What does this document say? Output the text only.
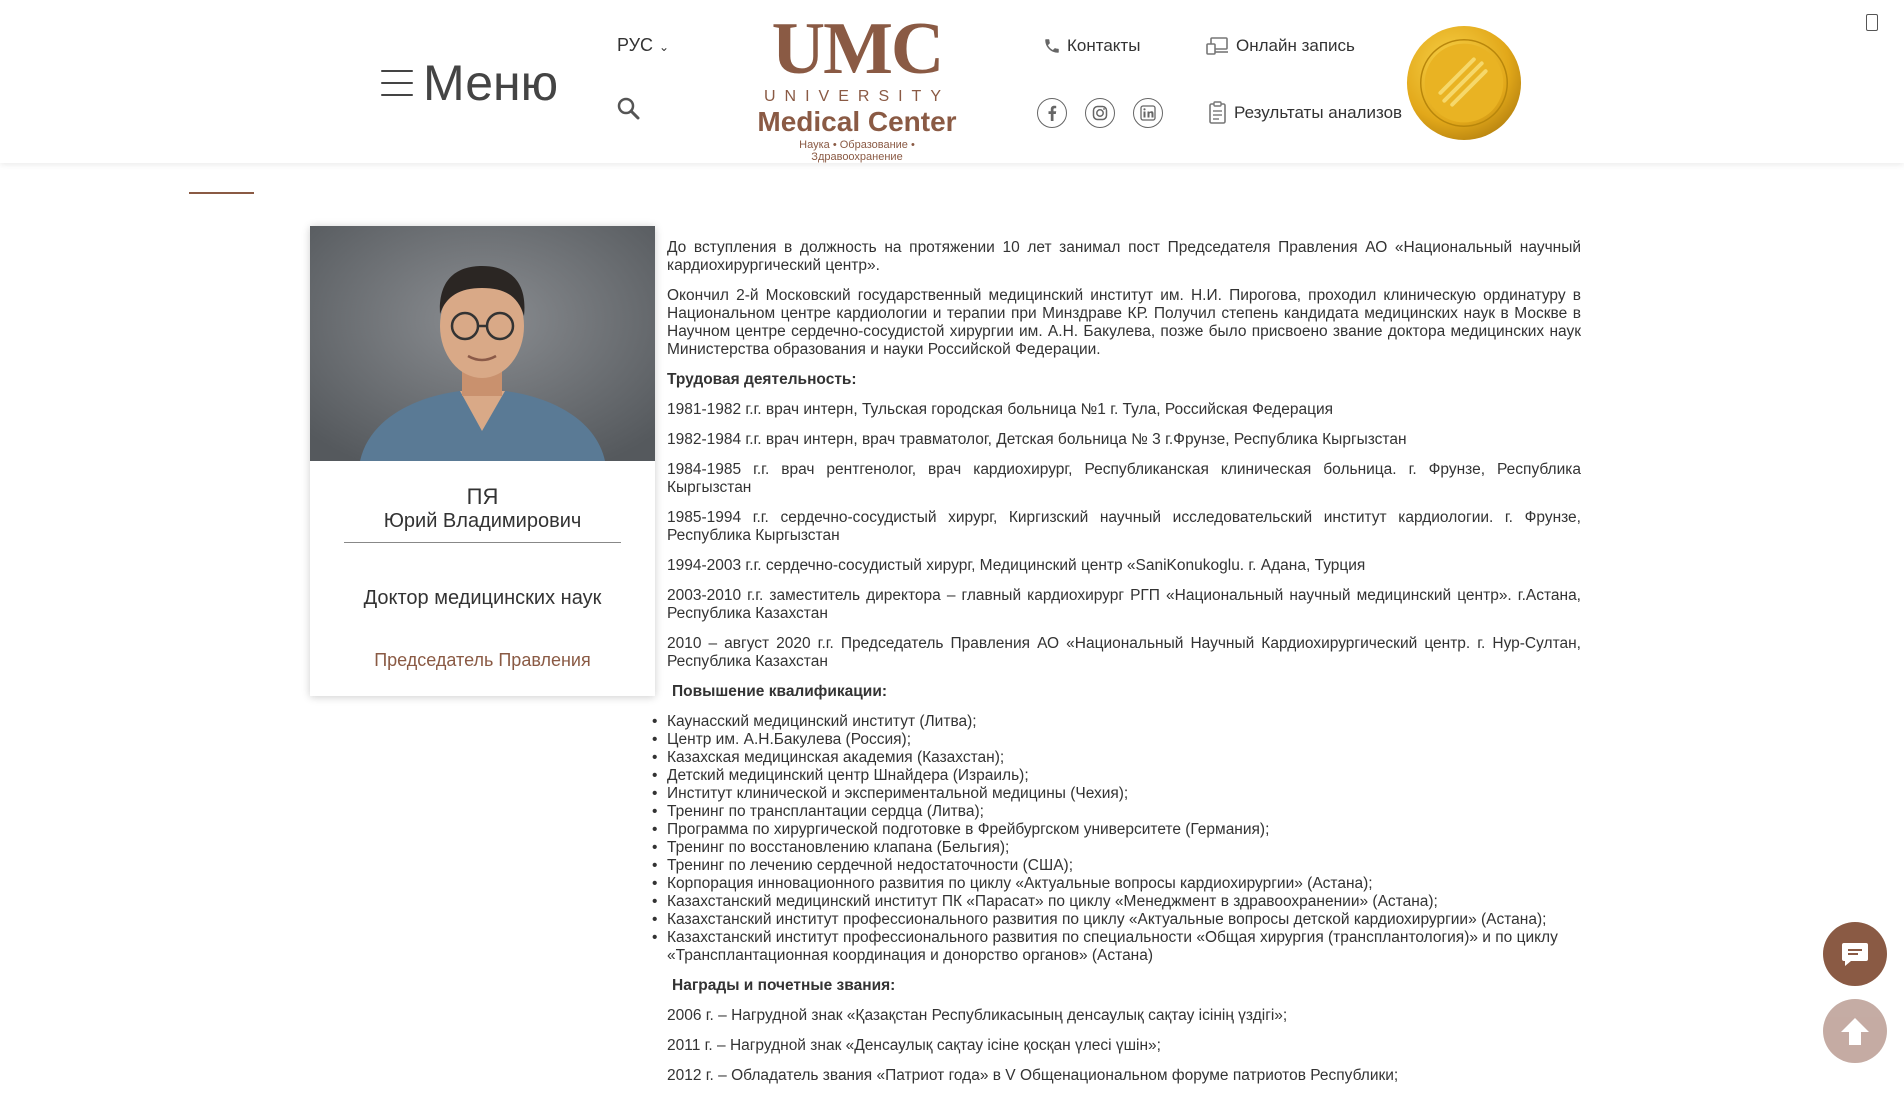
Меню
РУС ⌄ UMC
UNIVERSITY
Medical Center
Наука • Образование • Здравоохранение
Контакты	Онлайн запись
Результаты анализов
ПЯ
Юрий Владимирович
Доктор медицинских наук
Председатель Правления

До вступления в должность на протяжении 10 лет занимал пост Председателя Правления АО «Национальный научный кардиохирургический центр».

Окончил 2-й Московский государственный медицинский институт им. Н.И. Пирогова, проходил клиническую ординатуру в Национальном центре кардиологии и терапии при Минздраве КР. Получил степень кандидата медицинских наук в Москве в Научном центре сердечно-сосудистой хирургии им. А.Н. Бакулева, позже было присвоено звание доктора медицинских наук Министерства образования и науки Российской Федерации.

Трудовая деятельность:

1981-1982 г.г. врач интерн, Тульская городская больница №1 г. Тула, Российская Федерация

1982-1984 г.г. врач интерн, врач травматолог, Детская больница № 3 г.Фрунзе, Республика Кыргызстан

1984-1985 г.г. врач рентгенолог, врач кардиохирург, Республиканская клиническая больница. г. Фрунзе, Республика Кыргызстан

1985-1994 г.г. сердечно-сосудистый хирург, Киргизский научный исследовательский институт кардиологии. г. Фрунзе, Республика Кыргызстан

1994-2003 г.г. сердечно-сосудистый хирург, Медицинский центр «SaniKonukoglu. г. Адана, Турция

2003-2010 г.г. заместитель директора – главный кардиохирург РГП «Национальный научный медицинский центр». г.Астана, Республика Казахстан

2010 – август 2020 г.г. Председатель Правления АО «Национальный Научный Кардиохирургический центр. г. Нур-Султан, Республика Казахстан

Повышение квалификации:

• Каунасский медицинский институт (Литва);
• Центр им. А.Н.Бакулева (Россия);
• Казахская медицинская академия (Казахстан);
• Детский медицинский центр Шнайдера (Израиль);
• Институт клинической и экспериментальной медицины (Чехия);
• Тренинг по трансплантации сердца (Литва);
• Программа по хирургической подготовке в Фрейбургском университете (Германия);
• Тренинг по восстановлению клапана (Бельгия);
• Тренинг по лечению сердечной недостаточности (США);
• Корпорация инновационного развития по циклу «Актуальные вопросы кардиохирургии» (Астана);
• Казахстанский медицинский институт ПК «Парасат» по циклу «Менеджмент в здравоохранении» (Астана);
• Казахстанский институт профессионального развития по циклу «Актуальные вопросы детской кардиохирургии» (Астана);
• Казахстанский институт профессионального развития по специальности «Общая хирургия (трансплантология)» и по циклу «Трансплантационная координация и донорство органов» (Астана)

Награды и почетные звания:

2006 г. – Нагрудной знак «Қазақстан Республикасының денсаулық сақтау ісінің үздігі»;

2011 г. – Нагрудной знак «Денсаулық сақтау ісіне қосқан үлесі үшін»;

2012 г. – Обладатель звания «Патриот года» в V Общенациональном форуме патриотов Республики;
